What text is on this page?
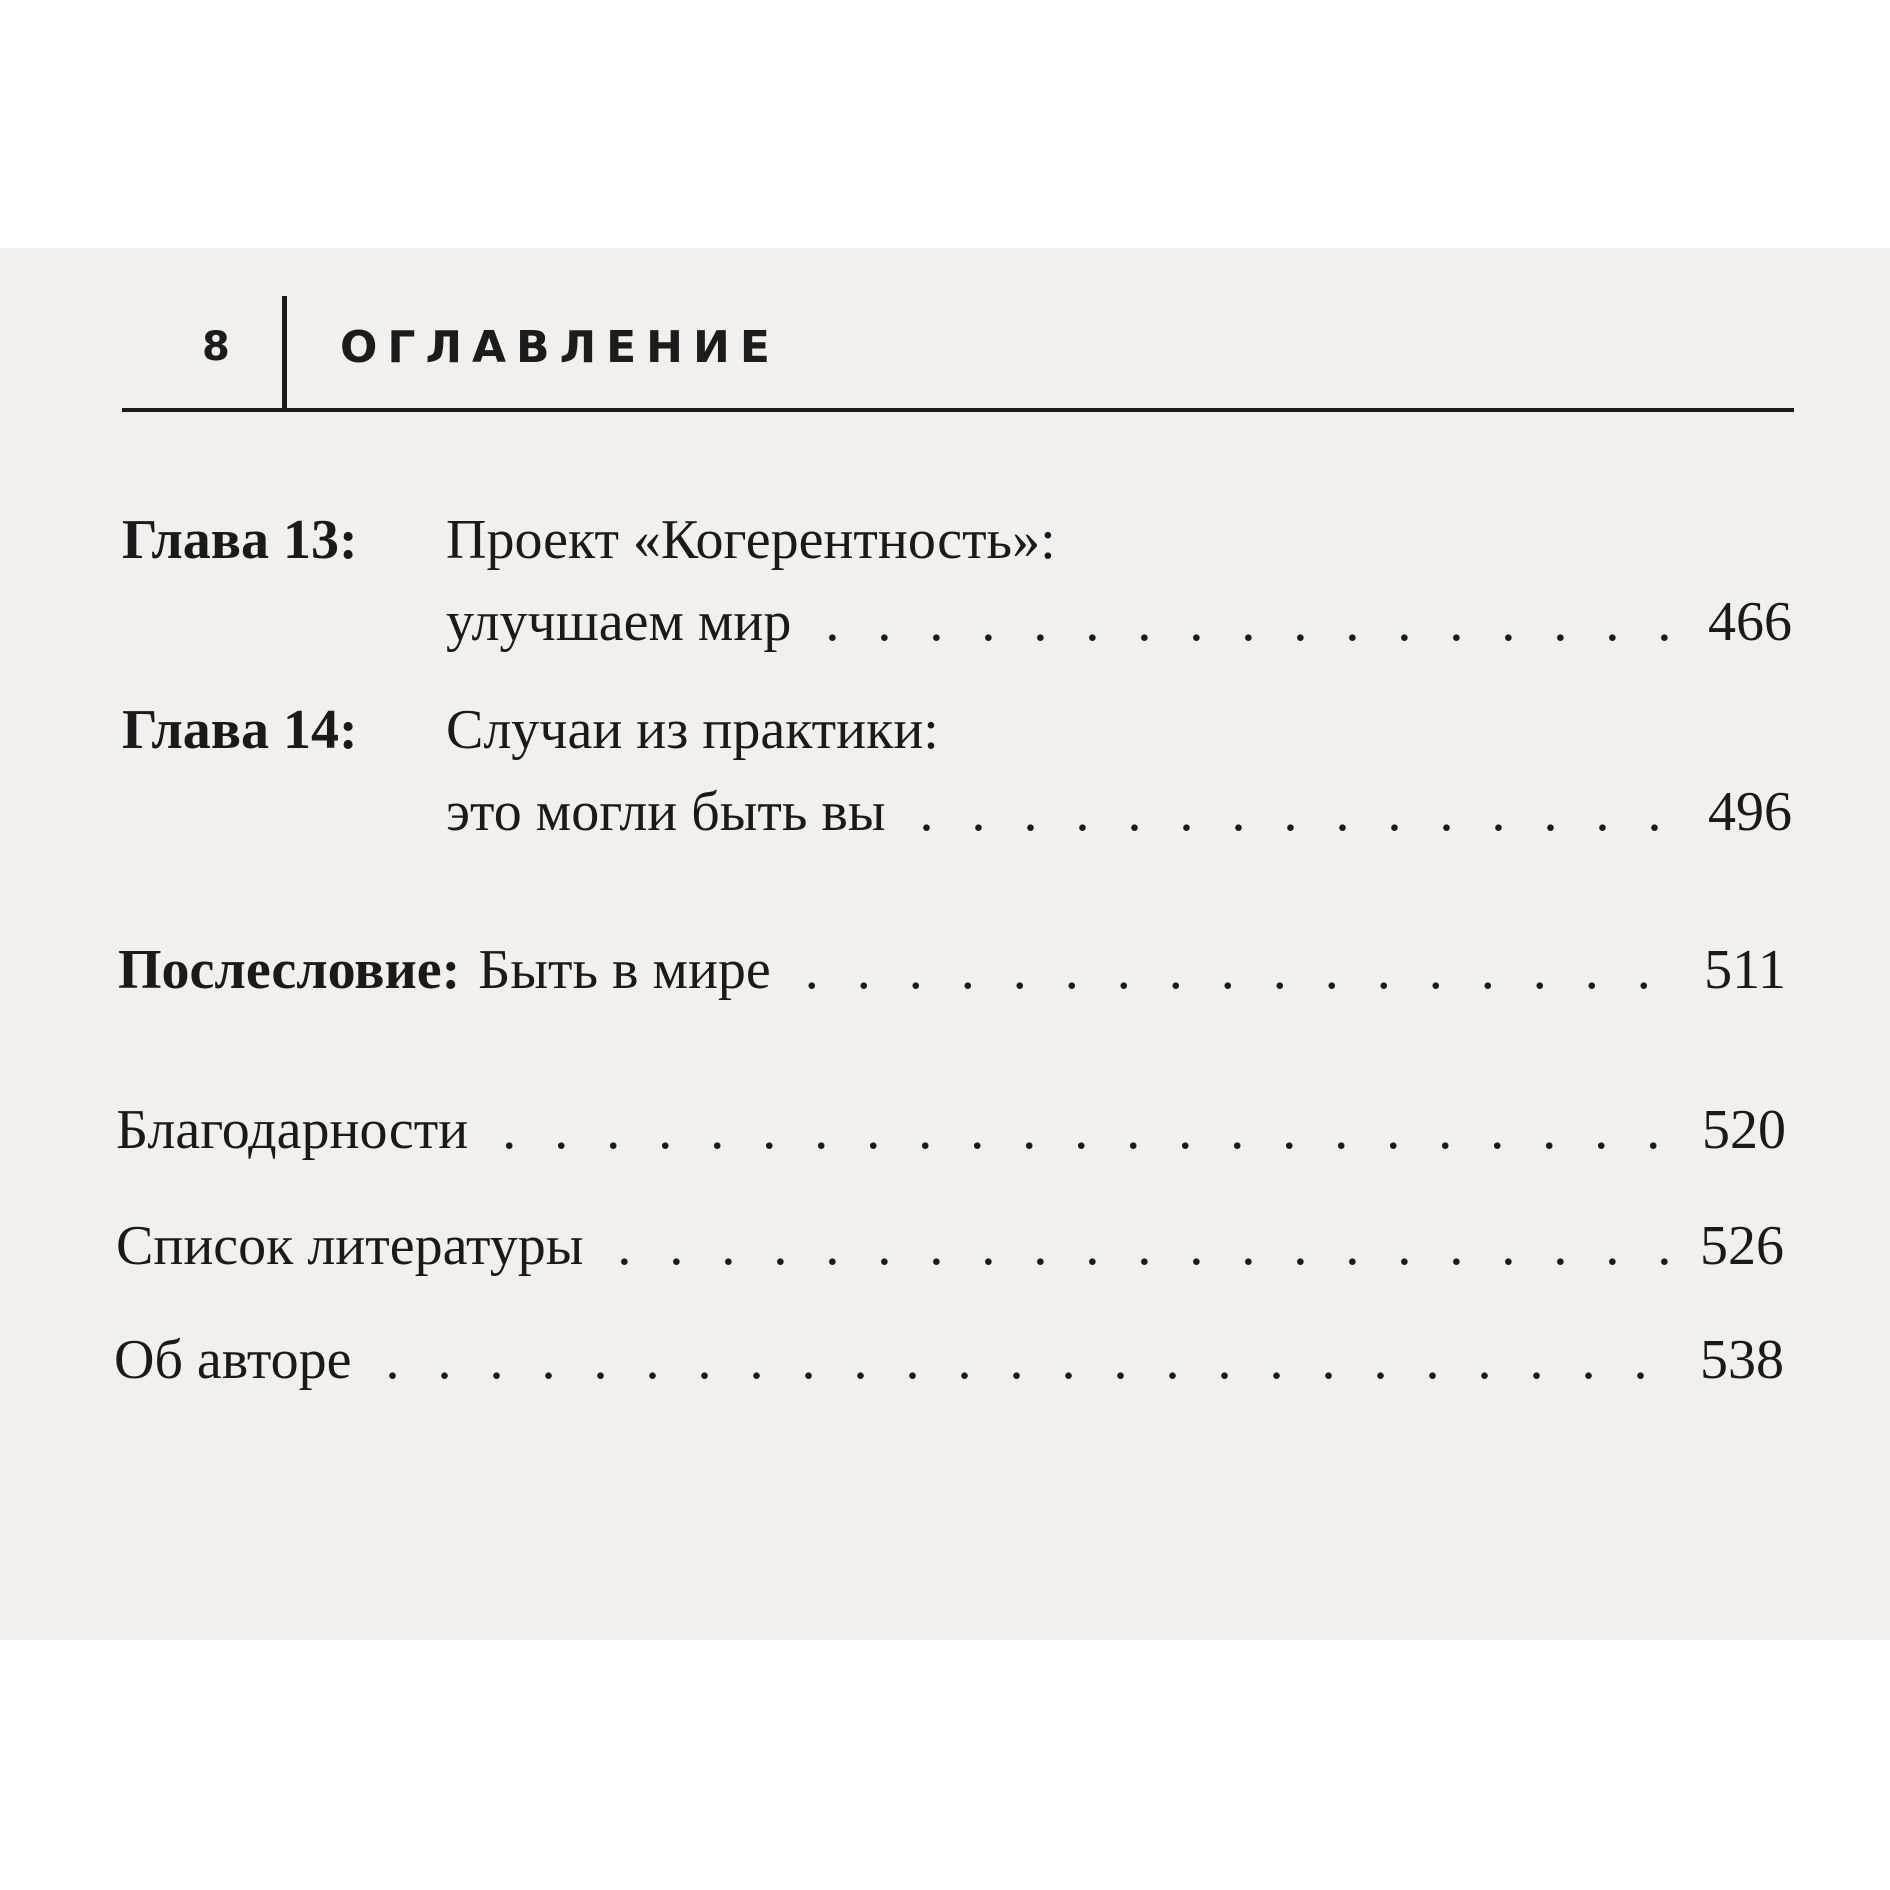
8	ОГЛАВЛЕНИЕ
Глава 13: Проект «Когерентность»:
улучшаем мир . . .	466
Глава 14: Случаи из практики:
это могли быть вы . . .	496
Послесловие: Быть в мире . . .	511
Благодарности . . .	520
Список литературы . . .	526
Об авторе . . .	538
